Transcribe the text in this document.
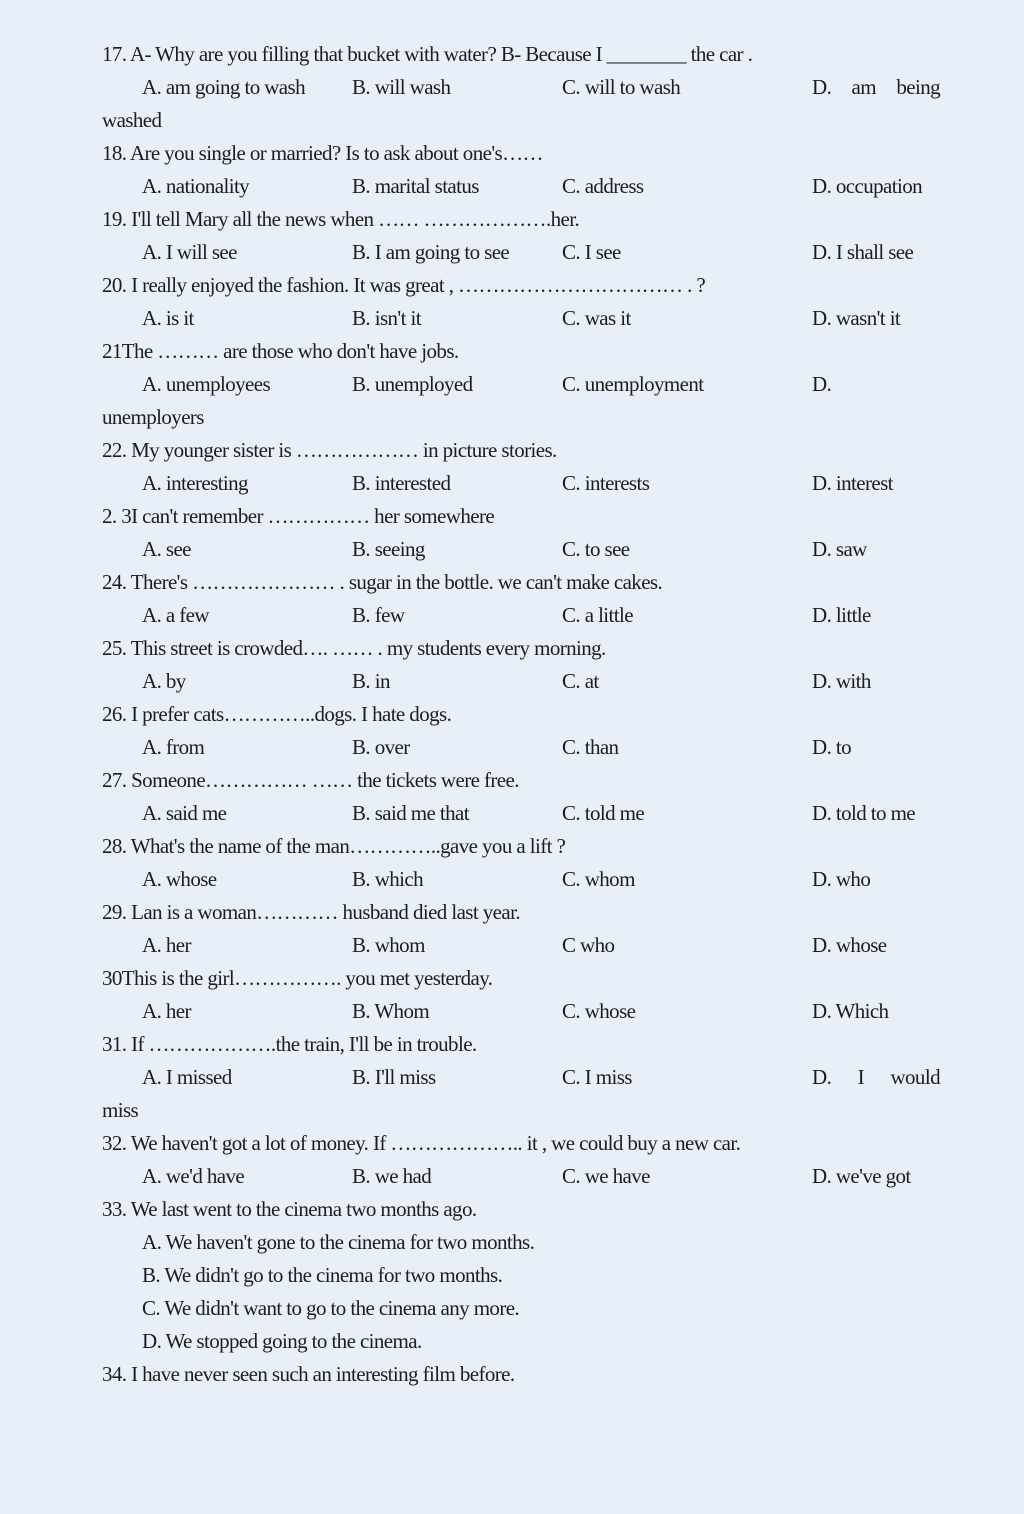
17. A- Why are you filling that bucket with water? B- Because I ________ the car .
A. am going to wash B. will wash	C. will to wash	D. am being
washed
18. Are you single or married? Is to ask about one's……
A. nationality	B. marital status	C. address	D. occupation
19. I'll tell Mary all the news when …… ……………….her.
A. I will see	B. I am going to see	C. I see	D. I shall see
20. I really enjoyed the fashion. It was great , …………………………… . ?
A. is it	B. isn't it	C. was it	D. wasn't it
21The ……… are those who don't have jobs.
A. unemployees	B. unemployed	C. unemployment	D.
unemployers
22. My younger sister is ……………… in picture stories.
A. interesting	B. interested	C. interests	D. interest
2. 3I can't remember …………… her somewhere
A. see	B. seeing	C. to see	D. saw
24. There's ………………… . sugar in the bottle. we can't make cakes.
A. a few	B. few	C. a little	D. little
25. This street is crowded…. …… . my students every morning.
A. by	B. in	C. at	D. with
26. I prefer cats…………..dogs. I hate dogs.
A. from	B. over	C. than	D. to
27. Someone…………… …… the tickets were free.
A. said me	B. said me that	C. told me	D. told to me
28. What's the name of the man…………..gave you a lift ?
A. whose	B. which	C. whom	D. who
29. Lan is a woman………… husband died last year.
A. her	B. whom	C who	D. whose
30This is the girl……………. you met yesterday.
A. her	B. Whom	C. whose	D. Which
31. If ……………….the train, I'll be in trouble.
A. I missed	B. I'll miss	C. I miss	D. I would
miss
32. We haven't got a lot of money. If ……………….. it , we could buy a new car.
A. we'd have	B. we had	C. we have	D. we've got
33. We last went to the cinema two months ago.
A. We haven't gone to the cinema for two months.
B. We didn't go to the cinema for two months.
C. We didn't want to go to the cinema any more.
D. We stopped going to the cinema.
34. I have never seen such an interesting film before.
